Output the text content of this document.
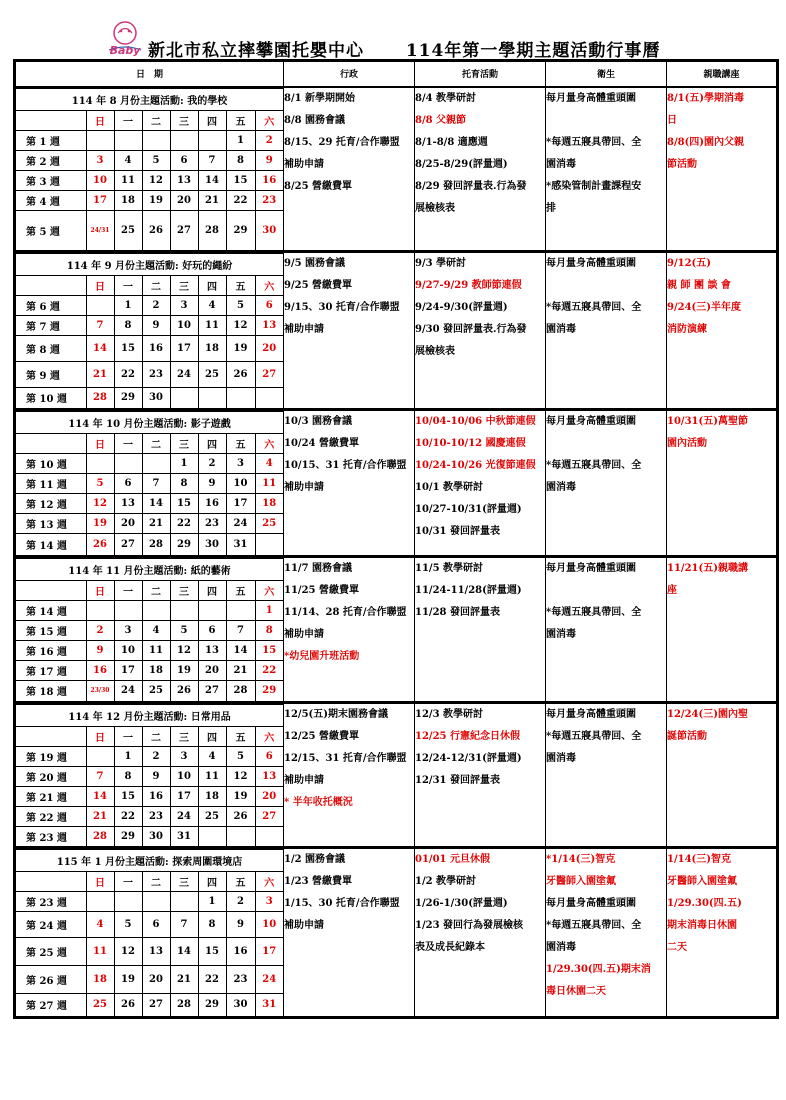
Baby 新北市私立摔攀園托嬰中心 114年第一學期主題活動行事曆
日　期	行政	托育活動	衛生	親職講座

114 年 8 月份主題活動: 我的學校
	日	一	二	三	四	五	六
第 1 週						1	2
第 2 週	3	4	5	6	7	8	9
第 3 週	10	11	12	13	14	15	16
第 4 週	17	18	19	20	21	22	23
第 5 週	24/31	25	26	27	28	29	30

8/1 新學期開始
8/8 園務會議
8/15、29 托育/合作聯盟
補助申請
8/25 營繳費單

8/4 教學研討
8/8 父親節
8/1-8/8 適應週
8/25-8/29(評量週)
8/29 發回評量表.行為發
展檢核表

每月量身高體重頭圍

*每週五寢具帶回、全
園消毒
*感染管制計畫課程安
排

8/1(五)學期消毒
日
8/8(四)園內父親
節活動

114 年 9 月份主題活動: 好玩的繩紛
	日	一	二	三	四	五	六
第 6 週		1	2	3	4	5	6
第 7 週	7	8	9	10	11	12	13
第 8 週	14	15	16	17	18	19	20
第 9 週	21	22	23	24	25	26	27
第 10 週	28	29	30				

9/5 園務會議
9/25 營繳費單
9/15、30 托育/合作聯盟
補助申請

9/3 學研討
9/27-9/29 教師節連假
9/24-9/30(評量週)
9/30 發回評量表.行為發
展檢核表

每月量身高體重頭圍

*每週五寢具帶回、全
園消毒

9/12(五)
親 師 團 談 會
9/24(三)半年度
消防演練

114 年 10 月份主題活動: 影子遊戲
	日	一	二	三	四	五	六
第 10 週				1	2	3	4
第 11 週	5	6	7	8	9	10	11
第 12 週	12	13	14	15	16	17	18
第 13 週	19	20	21	22	23	24	25
第 14 週	26	27	28	29	30	31	

10/3 園務會議
10/24 營繳費單
10/15、31 托育/合作聯盟
補助申請

10/04-10/06 中秋節連假
10/10-10/12 國慶連假
10/24-10/26 光復節連假
10/1 教學研討
10/27-10/31(評量週)
10/31 發回評量表

每月量身高體重頭圍

*每週五寢具帶回、全
園消毒

10/31(五)萬聖節
園內活動

114 年 11 月份主題活動: 紙的藝術
	日	一	二	三	四	五	六
第 14 週							1
第 15 週	2	3	4	5	6	7	8
第 16 週	9	10	11	12	13	14	15
第 17 週	16	17	18	19	20	21	22
第 18 週	23/30	24	25	26	27	28	29

11/7 園務會議
11/25 營繳費單
11/14、28 托育/合作聯盟
補助申請
*幼兒園升班活動

11/5 教學研討
11/24-11/28(評量週)
11/28 發回評量表

每月量身高體重頭圍

*每週五寢具帶回、全
園消毒

11/21(五)親職講
座

114 年 12 月份主題活動: 日常用品
	日	一	二	三	四	五	六
第 19 週		1	2	3	4	5	6
第 20 週	7	8	9	10	11	12	13
第 21 週	14	15	16	17	18	19	20
第 22 週	21	22	23	24	25	26	27
第 23 週	28	29	30	31			

12/5(五)期末園務會議
12/25 營繳費單
12/15、31 托育/合作聯盟
補助申請
* 半年收托概況

12/3 教學研討
12/25 行憲紀念日休假
12/24-12/31(評量週)
12/31 發回評量表

每月量身高體重頭圍
*每週五寢具帶回、全
園消毒

12/24(三)園內聖
誕節活動

115 年 1 月份主題活動: 探索周圍環境店
	日	一	二	三	四	五	六
第 23 週					1	2	3
第 24 週	4	5	6	7	8	9	10
第 25 週	11	12	13	14	15	16	17
第 26 週	18	19	20	21	22	23	24
第 27 週	25	26	27	28	29	30	31

1/2 園務會議
1/23 營繳費單
1/15、30 托育/合作聯盟
補助申請

01/01 元旦休假
1/2 教學研討
1/26-1/30(評量週)
1/23 發回行為發展檢核
表及成長紀錄本

*1/14(三)智克
牙醫師入園塗氟
每月量身高體重頭圍
*每週五寢具帶回、全
園消毒
1/29.30(四.五)期末消
毒日休園二天

1/14(三)智克
牙醫師入園塗氟
1/29.30(四.五)
期末消毒日休園
二天
